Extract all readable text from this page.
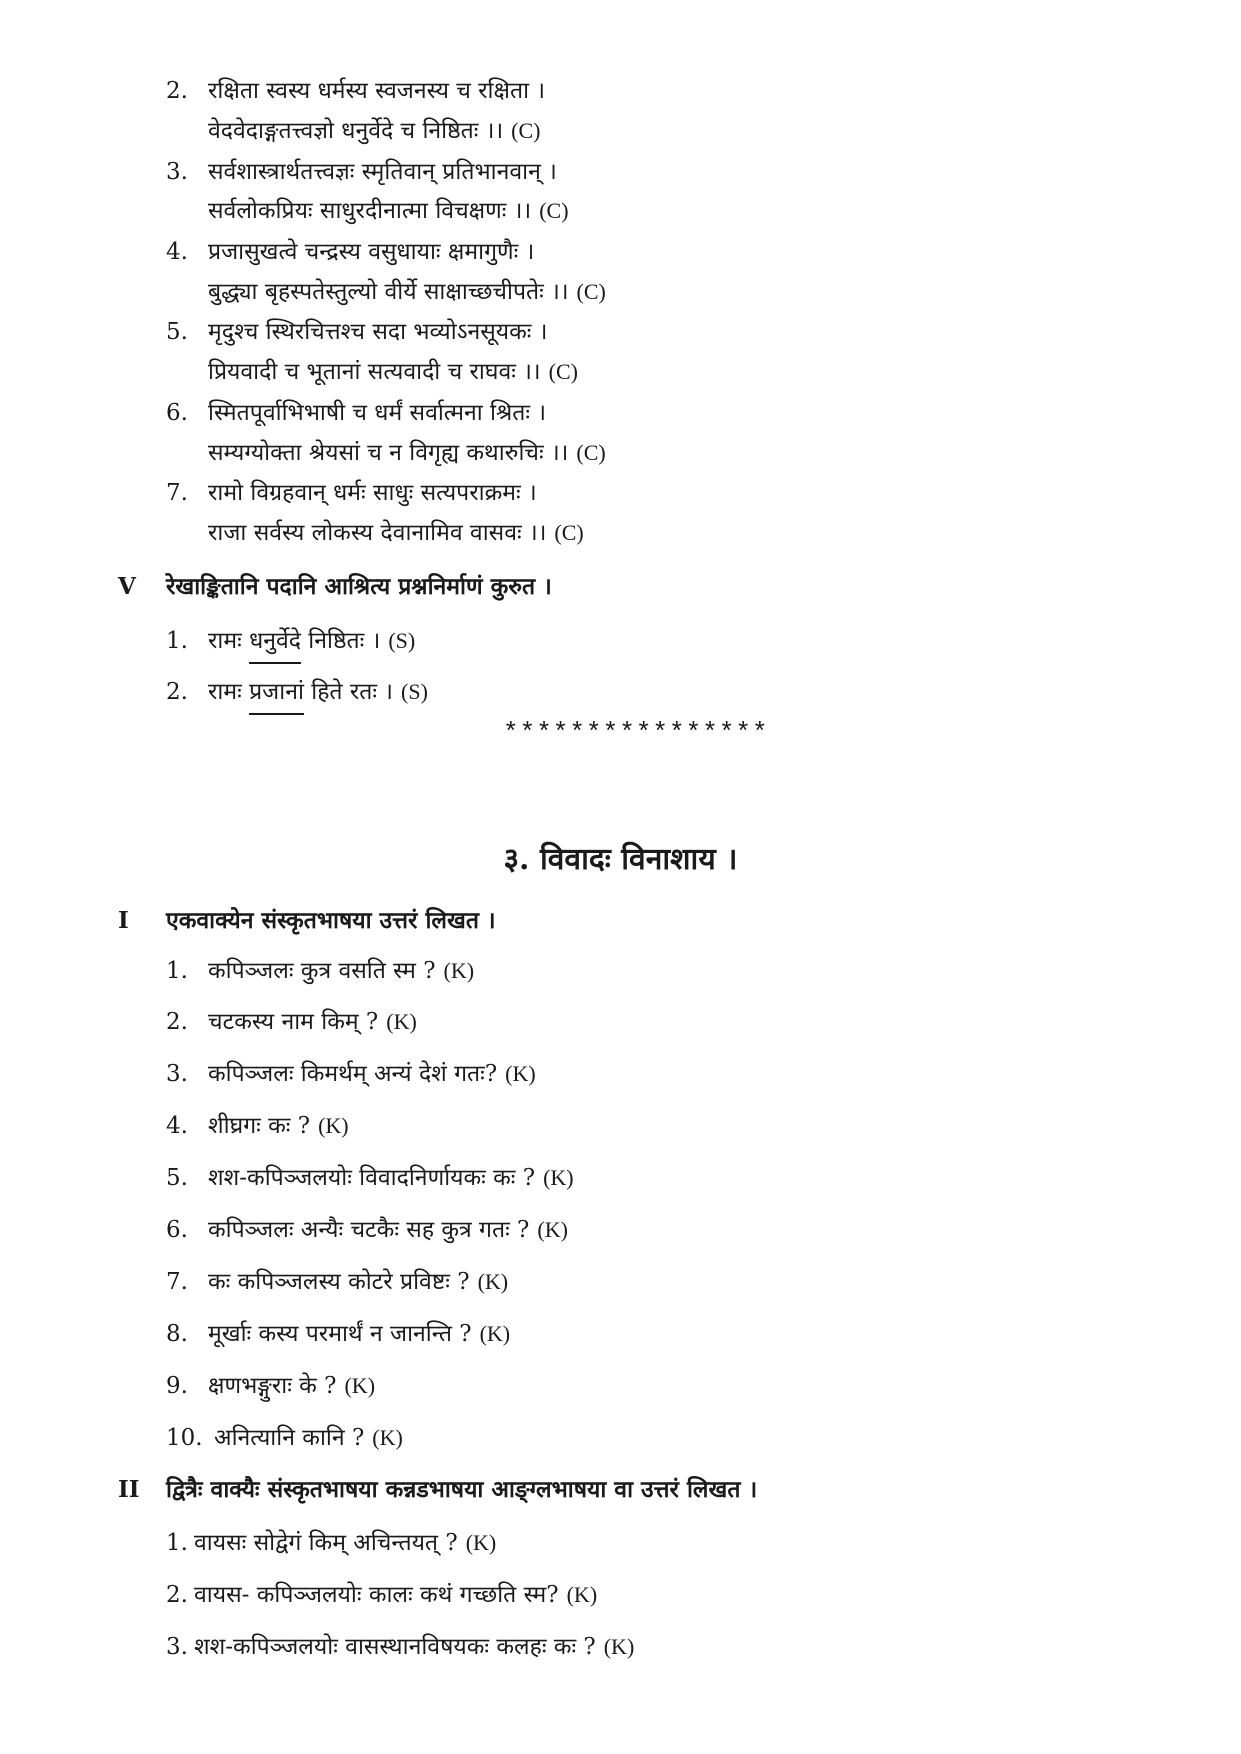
2. रक्षिता स्वस्य धर्मस्य स्वजनस्य च रक्षिता ।
वेदवेदाङ्गतत्त्वज्ञो धनुर्वेदे च निष्ठितः ।। (C)
3. सर्वशास्त्रार्थतत्त्वज्ञः स्मृतिवान् प्रतिभानवान् ।
सर्वलोकप्रियः साधुरदीनात्मा विचक्षणः ।। (C)
4. प्रजासुखत्वे चन्द्रस्य वसुधायाः क्षमागुणैः ।
बुद्ध्या बृहस्पतेस्तुल्यो वीर्ये साक्षाच्छचीपतेः ।। (C)
5. मृदुश्च स्थिरचित्तश्च सदा भव्योऽनसूयकः ।
प्रियवादी च भूतानां सत्यवादी च राघवः ।। (C)
6. स्मितपूर्वाभिभाषी च धर्मं सर्वात्मना श्रितः ।
सम्यग्योक्ता श्रेयसां च न विगृह्य कथारुचिः ।। (C)
7. रामो विग्रहवान् धर्मः साधुः सत्यपराक्रमः ।
राजा सर्वस्य लोकस्य देवानामिव वासवः ।। (C)
V रेखाङ्कितानि पदानि आश्रित्य प्रश्ननिर्माणं कुरुत ।
1. रामः धनुर्वेदे निष्ठितः । (S)
2. रामः प्रजानां हिते रतः । (S)
****************
३. विवादः विनाशाय ।
I एकवाक्येन संस्कृतभाषया उत्तरं लिखत ।
1. कपिञ्जलः कुत्र वसति स्म ? (K)
2. चटकस्य नाम किम् ? (K)
3. कपिञ्जलः किमर्थम् अन्यं देशं गतः? (K)
4. शीघ्रगः कः ? (K)
5. शश-कपिञ्जलयोः विवादनिर्णायकः कः ? (K)
6. कपिञ्जलः अन्यैः चटकैः सह कुत्र गतः ? (K)
7. कः कपिञ्जलस्य कोटरे प्रविष्टः ? (K)
8. मूर्खाः कस्य परमार्थं न जानन्ति ? (K)
9. क्षणभङ्गुराः के ? (K)
10. अनित्यानि कानि ? (K)
II द्वित्रैः वाक्यैः संस्कृतभाषया कन्नडभाषया आङ्ग्लभाषया वा उत्तरं लिखत ।
1. वायसः सोद्वेगं किम् अचिन्तयत् ? (K)
2. वायस- कपिञ्जलयोः कालः कथं गच्छति स्म? (K)
3. शश-कपिञ्जलयोः वासस्थानविषयकः कलहः कः ? (K)
